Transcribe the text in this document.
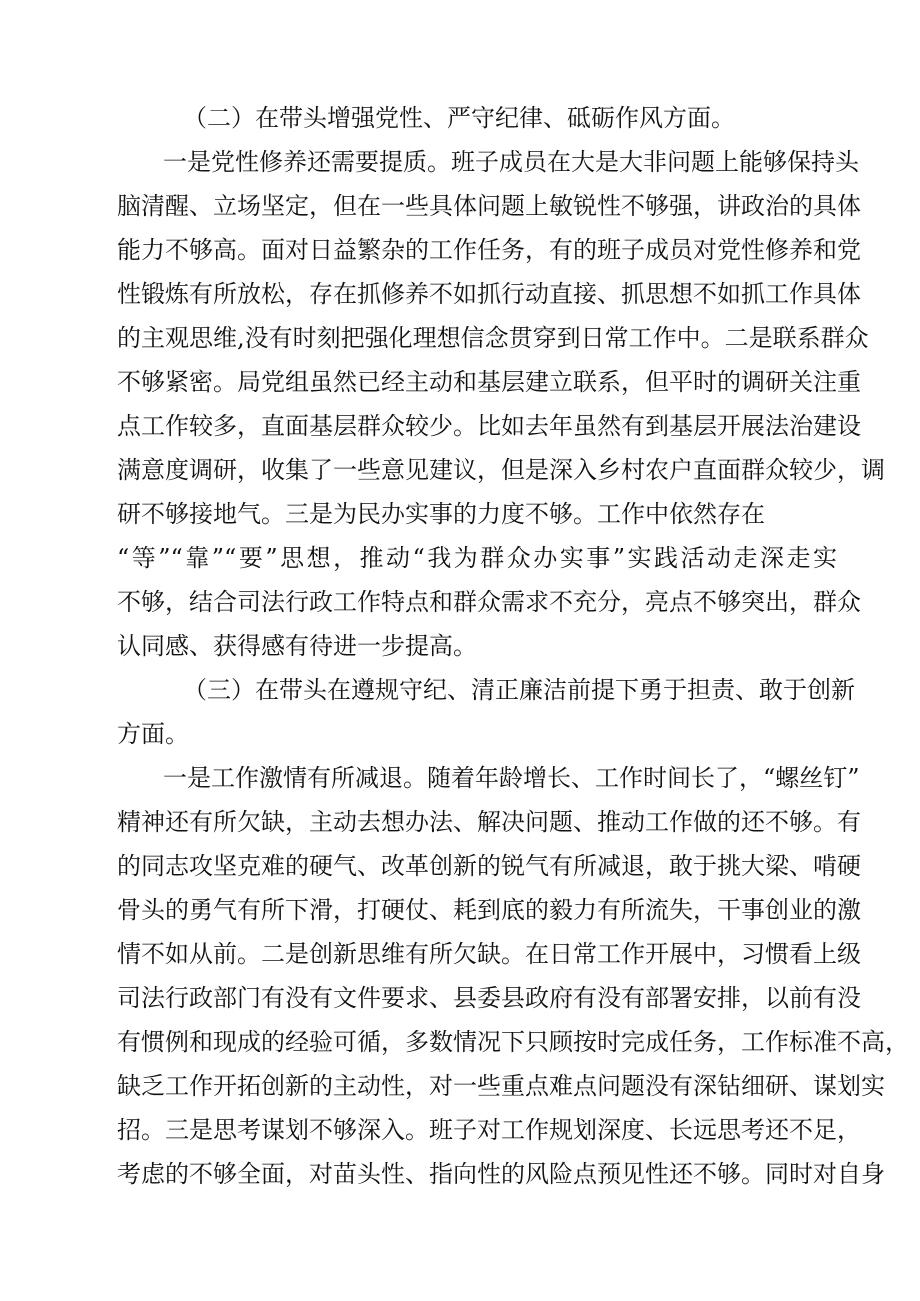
（二）在带头增强党性、严守纪律、砥砺作风方面。
一是党性修养还需要提质。班子成员在大是大非问题上能够保持头
脑清醒、立场坚定，但在一些具体问题上敏锐性不够强，讲政治的具体
能力不够高。面对日益繁杂的工作任务，有的班子成员对党性修养和党
性锻炼有所放松，存在抓修养不如抓行动直接、抓思想不如抓工作具体
的主观思维,没有时刻把强化理想信念贯穿到日常工作中。二是联系群众
不够紧密。局党组虽然已经主动和基层建立联系，但平时的调研关注重
点工作较多，直面基层群众较少。比如去年虽然有到基层开展法治建设
满意度调研，收集了一些意见建议，但是深入乡村农户直面群众较少，调
研不够接地气。三是为民办实事的力度不够。工作中依然存在
“等”“靠”“要”思想，推动“我为群众办实事”实践活动走深走实
不够，结合司法行政工作特点和群众需求不充分，亮点不够突出，群众
认同感、获得感有待进一步提高。
（三）在带头在遵规守纪、清正廉洁前提下勇于担责、敢于创新
方面。
一是工作激情有所减退。随着年龄增长、工作时间长了，“螺丝钉”
精神还有所欠缺，主动去想办法、解决问题、推动工作做的还不够。有
的同志攻坚克难的硬气、改革创新的锐气有所减退，敢于挑大梁、啃硬
骨头的勇气有所下滑，打硬仗、耗到底的毅力有所流失，干事创业的激
情不如从前。二是创新思维有所欠缺。在日常工作开展中，习惯看上级
司法行政部门有没有文件要求、县委县政府有没有部署安排，以前有没
有惯例和现成的经验可循，多数情况下只顾按时完成任务，工作标准不高，
缺乏工作开拓创新的主动性，对一些重点难点问题没有深钻细研、谋划实
招。三是思考谋划不够深入。班子对工作规划深度、长远思考还不足，
考虑的不够全面，对苗头性、指向性的风险点预见性还不够。同时对自身
